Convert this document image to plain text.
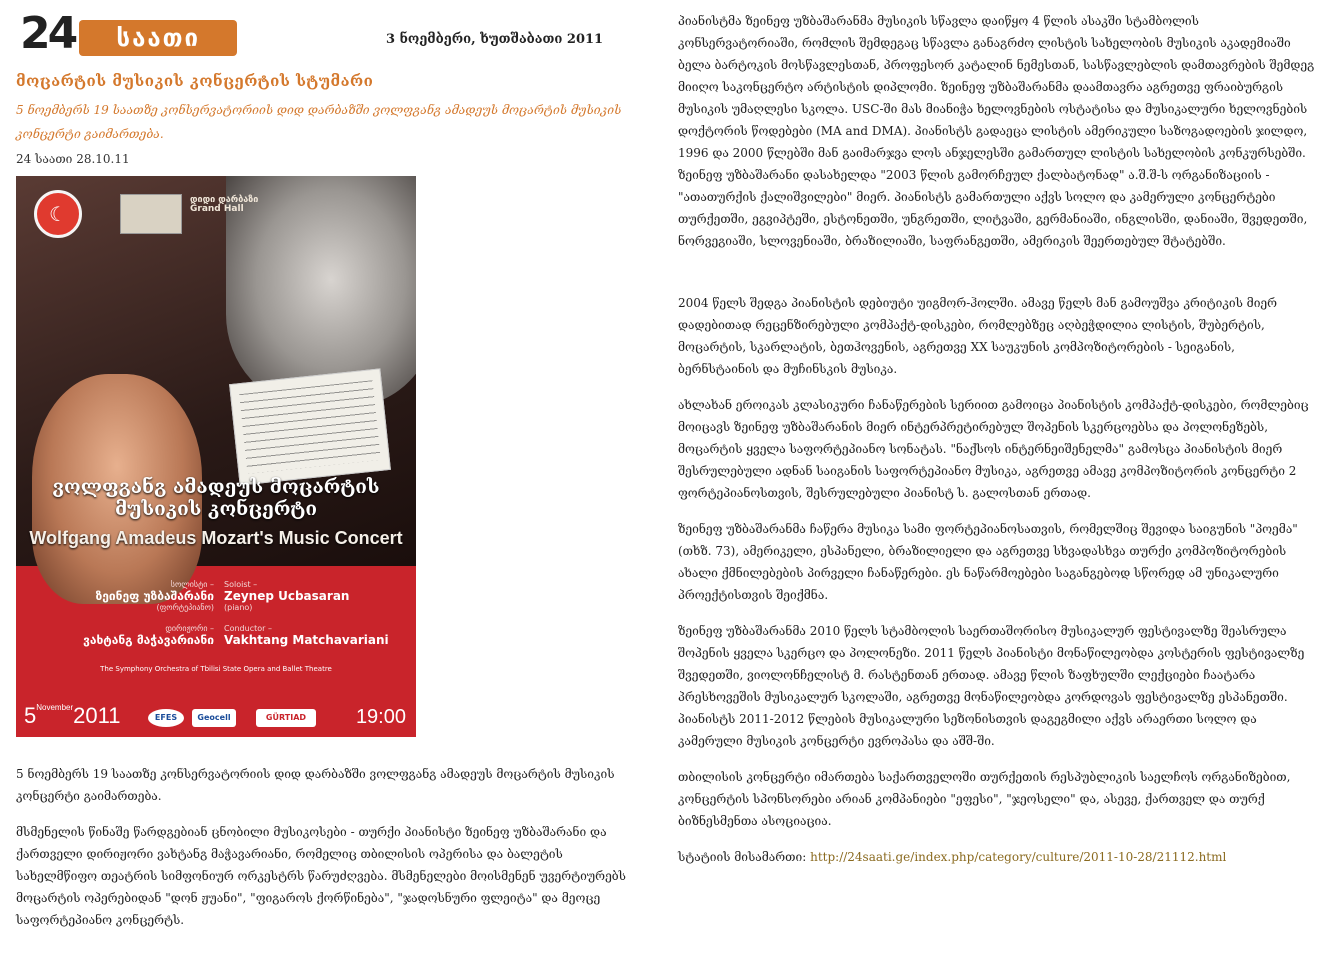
24	საათი	3 ნოემბერი, ხუთშაბათი 2011
მოცარტის მუსიკის კონცერტის სტუმარი
5 ნოემბერს 19 საათზე კონსერვატორიის დიდ დარბაზში ვოლფგანგ ამადეუს მოცარტის მუსიკის კონცერტი გაიმართება.
24 საათი 28.10.11
☾
დიდი დარბაზი
Grand Hall
ვოლფგანგ ამადეუს მოცარტის მუსიკის კონცერტი
Wolfgang Amadeus Mozart's Music Concert
სოლისტი –
ზეინეფ უზბაშარანი
(ფორტეპიანო)
Soloist –
Zeynep Ucbasaran
(piano)
დირიჟორი –
ვახტანგ მაჭავარიანი
Conductor –
Vakhtang Matchavariani
The Symphony Orchestra of Tbilisi State Opera and Ballet Theatre
$5^{November}2011$	EFES	Geocell	GÜRTIAD	19:00

5 ნოემბერს 19 საათზე კონსერვატორიის დიდ დარბაზში ვოლფგანგ ამადეუს მოცარტის მუსიკის კონცერტი გაიმართება.

მსმენელის წინაშე წარდგებიან ცნობილი მუსიკოსები - თურქი პიანისტი ზეინეფ უზბაშარანი და ქართველი დირიჟორი ვახტანგ მაჭავარიანი, რომელიც თბილისის ოპერისა და ბალეტის სახელმწიფო თეატრის სიმფონიურ ორკესტრს წარუძღვება. მსმენელები მოისმენენ უვერტიურებს მოცარტის ოპერებიდან "დონ ჟუანი", "ფიგაროს ქორწინება", "ჯადოსნური ფლეიტა" და მეოცე საფორტეპიანო კონცერტს.

პიანისტმა ზეინეფ უზბაშარანმა მუსიკის სწავლა დაიწყო 4 წლის ასაკში სტამბოლის კონსერვატორიაში, რომლის შემდეგაც სწავლა განაგრძო ლისტის სახელობის მუსიკის აკადემიაში ბელა ბარტოკის მოსწავლესთან, პროფესორ კატალინ ნემესთან, სასწავლებლის დამთავრების შემდეგ მიიღო საკონცერტო არტისტის დიპლომი. ზეინეფ უზბაშარანმა დაამთავრა აგრეთვე ფრაიბურგის მუსიკის უმაღლესი სკოლა. USC-ში მას მიანიჭა ხელოვნების ოსტატისა და მუსიკალური ხელოვნების დოქტორის წოდებები (MA and DMA). პიანისტს გადაეცა ლისტის ამერიკული საზოგადოების ჯილდო, 1996 და 2000 წლებში მან გაიმარჯვა ლოს ანჯელესში გამართულ ლისტის სახელობის კონკურსებში. ზეინეფ უზბაშარანი დასახელდა "2003 წლის გამორჩეულ ქალბატონად" ა.შ.შ-ს ორგანიზაციის - "ათათურქის ქალიშვილები" მიერ. პიანისტს გამართული აქვს სოლო და კამერული კონცერტები თურქეთში, ეგვიპტეში, ესტონეთში, უნგრეთში, ლიტვაში, გერმანიაში, ინგლისში, დანიაში, შვედეთში, ნორვეგიაში, სლოვენიაში, ბრაზილიაში, საფრანგეთში, ამერიკის შეერთებულ შტატებში.

2004 წელს შედგა პიანისტის დებიუტი უიგმორ-ჰოლში. ამავე წელს მან გამოუშვა კრიტიკის მიერ დადებითად რეცენზირებული კომპაქტ-დისკები, რომლებზეც აღბეჭდილია ლისტის, შუბერტის, მოცარტის, სკარლატის, ბეთჰოვენის, აგრეთვე XX საუკუნის კომპოზიტორების - სეიგანის, ბერნსტაინის და მუჩინსკის მუსიკა.

ახლახან ეროიკას კლასიკური ჩანაწერების სერიით გამოიცა პიანისტის კომპაქტ-დისკები, რომლებიც მოიცავს ზეინეფ უზბაშარანის მიერ ინტერპრეტირებულ შოპენის სკერცოებსა და პოლონეზებს, მოცარტის ყველა საფორტეპიანო სონატას. "ნაქსოს ინტერნეიშენელმა" გამოსცა პიანისტის მიერ შესრულებული ადნან საიგანის საფორტეპიანო მუსიკა, აგრეთვე ამავე კომპოზიტორის კონცერტი 2 ფორტეპიანოსთვის, შესრულებული პიანისტ ს. გალოსთან ერთად.

ზეინეფ უზბაშარანმა ჩაწერა მუსიკა სამი ფორტეპიანოსათვის, რომელშიც შევიდა საიგუნის "პოემა" (თხზ. 73), ამერიკელი, ესპანელი, ბრაზილიელი და აგრეთვე სხვადასხვა თურქი კომპოზიტორების ახალი ქმნილებების პირველი ჩანაწერები. ეს ნაწარმოებები საგანგებოდ სწორედ ამ უნიკალური პროექტისთვის შეიქმნა.

ზეინეფ უზბაშარანმა 2010 წელს სტამბოლის საერთაშორისო მუსიკალურ ფესტივალზე შეასრულა შოპენის ყველა სკერცო და პოლონეზი. 2011 წელს პიანისტი მონაწილეობდა კოსტერის ფესტივალზე შვედეთში, ვიოლონჩელისტ მ. რასტენთან ერთად. ამავე წლის ზაფხულში ლექციები ჩაატარა პრესხოვეშის მუსიკალურ სკოლაში, აგრეთვე მონაწილეობდა კორდოვას ფესტივალზე ესპანეთში. პიანისტს 2011-2012 წლების მუსიკალური სეზონისთვის დაგეგმილი აქვს არაერთი სოლო და კამერული მუსიკის კონცერტი ევროპასა და აშშ-ში.

თბილისის კონცერტი იმართება საქართველოში თურქეთის რესპუბლიკის საელჩოს ორგანიზებით, კონცერტის სპონსორები არიან კომპანიები "ეფესი", "ჯეოსელი" და, ასევე, ქართველ და თურქ ბიზნესმენთა ასოციაცია.

სტატიის მისამართი: http://24saati.ge/index.php/category/culture/2011-10-28/21112.html
